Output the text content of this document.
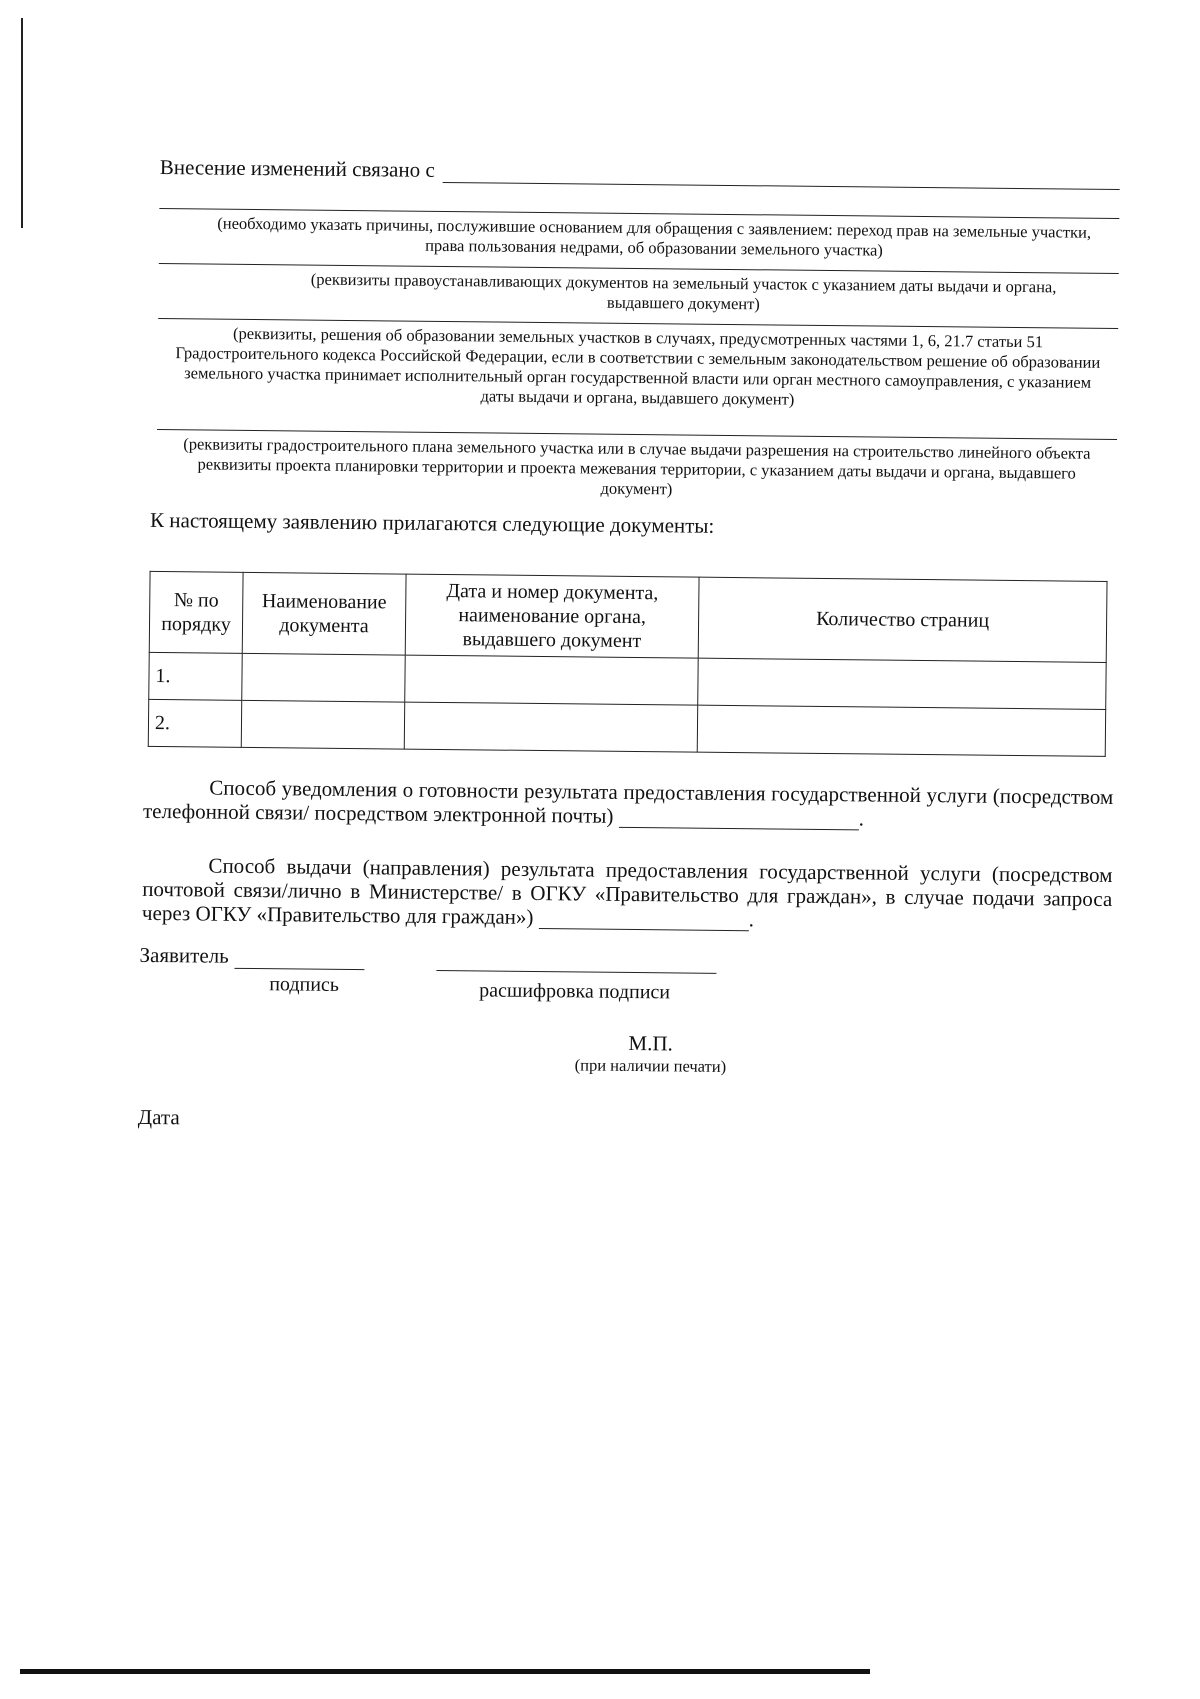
Внесение изменений связано с
(необходимо указать причины, послужившие основанием для обращения с заявлением: переход прав на земельные участки, права пользования недрами, об образовании земельного участка)
(реквизиты правоустанавливающих документов на земельный участок с указанием даты выдачи и органа, выдавшего документ)
(реквизиты, решения об образовании земельных участков в случаях, предусмотренных частями 1, 6, 21.7 статьи 51 Градостроительного кодекса Российской Федерации, если в соответствии с земельным законодательством решение об образовании земельного участка принимает исполнительный орган государственной власти или орган местного самоуправления, с указанием даты выдачи и органа, выдавшего документ)
(реквизиты градостроительного плана земельного участка или в случае выдачи разрешения на строительство линейного объекта реквизиты проекта планировки территории и проекта межевания территории, с указанием даты выдачи и органа, выдавшего документ)
К настоящему заявлению прилагаются следующие документы:
№ по порядку	Наименование документа	Дата и номер документа, наименование органа, выдавшего документ	Количество страниц
1.			
2.			
Способ уведомления о готовности результата предоставления государственной услуги (посредством телефонной связи/ посредством электронной почты)	.
Способ выдачи (направления) результата предоставления государственной услуги (посредством почтовой связи/лично в Министерстве/ в ОГКУ «Правительство для граждан», в случае подачи запроса через ОГКУ «Правительство для граждан»)	.
Заявитель
подпись	расшифровка подписи
М.П.
(при наличии печати)
Дата
